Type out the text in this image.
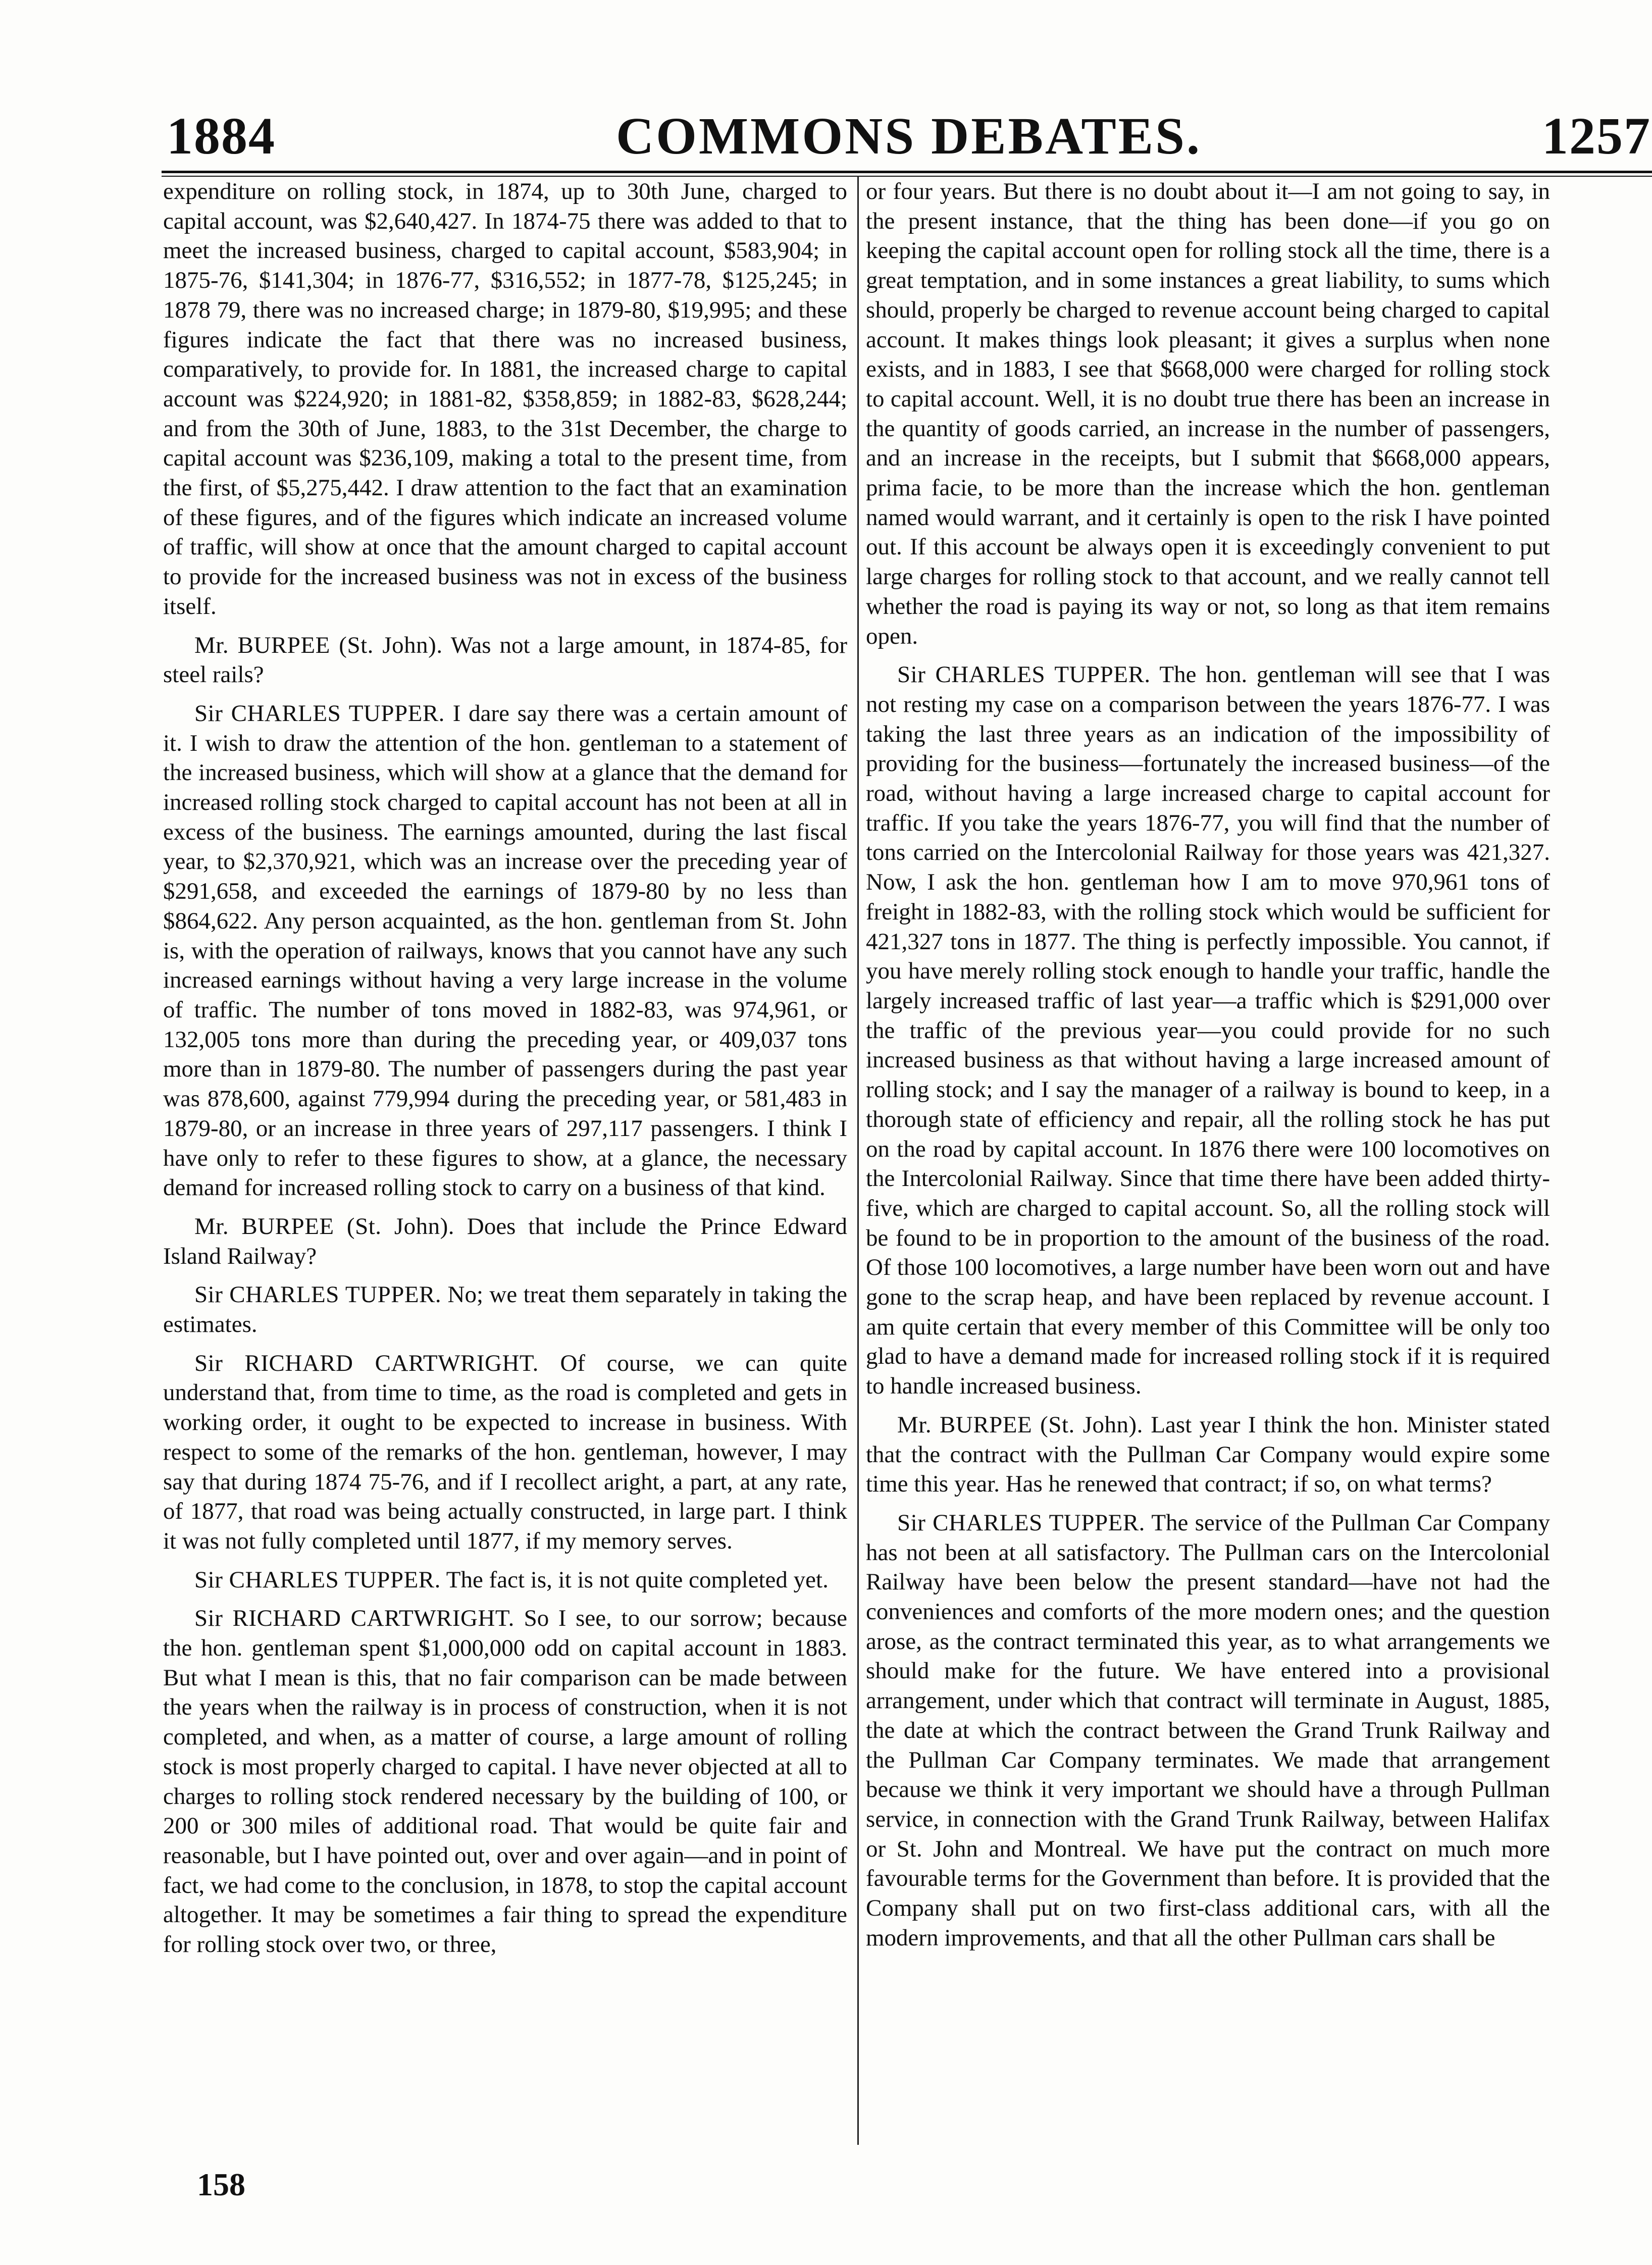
COMMONS DEBATES.
1884	1257

expenditure on rolling stock, in 1874, up to 30th June, charged to capital account, was $2,640,427. In 1874-75 there was added to that to meet the increased business, charged to capital account, $583,904; in 1875-76, $141,304; in 1876-77, $316,552; in 1877-78, $125,245; in 1878 79, there was no increased charge; in 1879-80, $19,995; and these figures indicate the fact that there was no increased business, comparatively, to provide for. In 1881, the increased charge to capital account was $224,920; in 1881-82, $358,859; in 1882-83, $628,244; and from the 30th of June, 1883, to the 31st December, the charge to capital account was $236,109, making a total to the present time, from the first, of $5,275,442. I draw attention to the fact that an examination of these figures, and of the figures which indicate an increased volume of traffic, will show at once that the amount charged to capital account to provide for the increased business was not in excess of the business itself.

Mr. BURPEE (St. John). Was not a large amount, in 1874-85, for steel rails?

Sir CHARLES TUPPER. I dare say there was a certain amount of it. I wish to draw the attention of the hon. gentleman to a statement of the increased business, which will show at a glance that the demand for increased rolling stock charged to capital account has not been at all in excess of the business. The earnings amounted, during the last fiscal year, to $2,370,921, which was an increase over the preceding year of $291,658, and exceeded the earnings of 1879-80 by no less than $864,622. Any person acquainted, as the hon. gentleman from St. John is, with the operation of railways, knows that you cannot have any such increased earnings without having a very large increase in the volume of traffic. The number of tons moved in 1882-83, was 974,961, or 132,005 tons more than during the preceding year, or 409,037 tons more than in 1879-80. The number of passengers during the past year was 878,600, against 779,994 during the preceding year, or 581,483 in 1879-80, or an increase in three years of 297,117 passengers. I think I have only to refer to these figures to show, at a glance, the necessary demand for increased rolling stock to carry on a business of that kind.

Mr. BURPEE (St. John). Does that include the Prince Edward Island Railway?

Sir CHARLES TUPPER. No; we treat them separately in taking the estimates.

Sir RICHARD CARTWRIGHT. Of course, we can quite understand that, from time to time, as the road is completed and gets in working order, it ought to be expected to increase in business. With respect to some of the remarks of the hon. gentleman, however, I may say that during 1874 75-76, and if I recollect aright, a part, at any rate, of 1877, that road was being actually constructed, in large part. I think it was not fully completed until 1877, if my memory serves.

Sir CHARLES TUPPER. The fact is, it is not quite completed yet.

Sir RICHARD CARTWRIGHT. So I see, to our sorrow; because the hon. gentleman spent $1,000,000 odd on capital account in 1883. But what I mean is this, that no fair comparison can be made between the years when the railway is in process of construction, when it is not completed, and when, as a matter of course, a large amount of rolling stock is most properly charged to capital. I have never objected at all to charges to rolling stock rendered necessary by the building of 100, or 200 or 300 miles of additional road. That would be quite fair and reasonable, but I have pointed out, over and over again—and in point of fact, we had come to the conclusion, in 1878, to stop the capital account altogether. It may be sometimes a fair thing to spread the expenditure for rolling stock over two, or three,

or four years. But there is no doubt about it—I am not going to say, in the present instance, that the thing has been done—if you go on keeping the capital account open for rolling stock all the time, there is a great temptation, and in some instances a great liability, to sums which should, properly be charged to revenue account being charged to capital account. It makes things look pleasant; it gives a surplus when none exists, and in 1883, I see that $668,000 were charged for rolling stock to capital account. Well, it is no doubt true there has been an increase in the quantity of goods carried, an increase in the number of passengers, and an increase in the receipts, but I submit that $668,000 appears, prima facie, to be more than the increase which the hon. gentleman named would warrant, and it certainly is open to the risk I have pointed out. If this account be always open it is exceedingly convenient to put large charges for rolling stock to that account, and we really cannot tell whether the road is paying its way or not, so long as that item remains open.

Sir CHARLES TUPPER. The hon. gentleman will see that I was not resting my case on a comparison between the years 1876-77. I was taking the last three years as an indication of the impossibility of providing for the business—fortunately the increased business—of the road, without having a large increased charge to capital account for traffic. If you take the years 1876-77, you will find that the number of tons carried on the Intercolonial Railway for those years was 421,327. Now, I ask the hon. gentleman how I am to move 970,961 tons of freight in 1882-83, with the rolling stock which would be sufficient for 421,327 tons in 1877. The thing is perfectly impossible. You cannot, if you have merely rolling stock enough to handle your traffic, handle the largely increased traffic of last year—a traffic which is $291,000 over the traffic of the previous year—you could provide for no such increased business as that without having a large increased amount of rolling stock; and I say the manager of a railway is bound to keep, in a thorough state of efficiency and repair, all the rolling stock he has put on the road by capital account. In 1876 there were 100 locomotives on the Intercolonial Railway. Since that time there have been added thirty-five, which are charged to capital account. So, all the rolling stock will be found to be in proportion to the amount of the business of the road. Of those 100 locomotives, a large number have been worn out and have gone to the scrap heap, and have been replaced by revenue account. I am quite certain that every member of this Committee will be only too glad to have a demand made for increased rolling stock if it is required to handle increased business.

Mr. BURPEE (St. John). Last year I think the hon. Minister stated that the contract with the Pullman Car Company would expire some time this year. Has he renewed that contract; if so, on what terms?

Sir CHARLES TUPPER. The service of the Pullman Car Company has not been at all satisfactory. The Pullman cars on the Intercolonial Railway have been below the present standard—have not had the conveniences and comforts of the more modern ones; and the question arose, as the contract terminated this year, as to what arrangements we should make for the future. We have entered into a provisional arrangement, under which that contract will terminate in August, 1885, the date at which the contract between the Grand Trunk Railway and the Pullman Car Company terminates. We made that arrangement because we think it very important we should have a through Pullman service, in connection with the Grand Trunk Railway, between Halifax or St. John and Montreal. We have put the contract on much more favourable terms for the Government than before. It is provided that the Company shall put on two first-class additional cars, with all the modern improvements, and that all the other Pullman cars shall be

158
